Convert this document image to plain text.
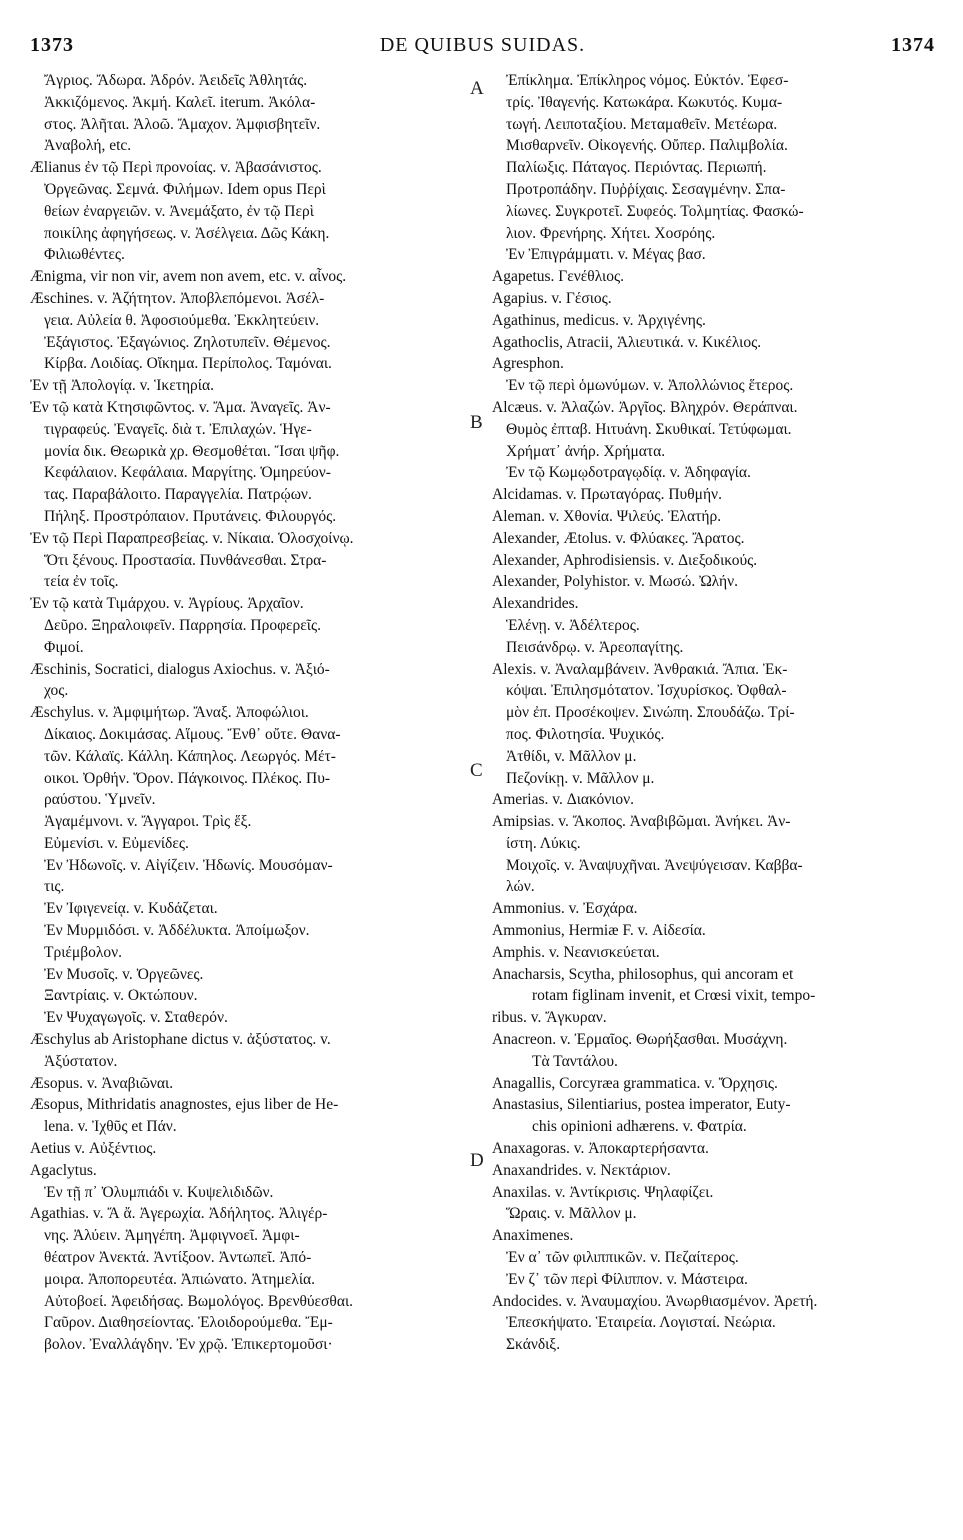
1373	DE QUIBUS SUIDAS.	1374
Ἄγριος. Ἄδωρα. Ἀδρόν. Ἀειδεῖς Ἀθλητάς.
Ἀκκιζόμενος. Ἀκμή. Καλεῖ. iterum. Ἀκόλα-
στος. Ἀλῆται. Ἀλοῶ. Ἄμαχον. Ἀμφισβητεῖν.
Ἀναβολή, etc.
Ælianus ἐν τῷ Περὶ προνοίας. v. Ἀβασάνιστος.
Ὀργεῶνας. Σεμνά. Φιλήμων. Idem opus Περὶ
θείων ἐναργειῶν. v. Ἀνεμάξατο, ἐν τῷ Περὶ
ποικίλης ἀφηγήσεως. v. Ἀσέλγεια. Δῶς Κάκη.
Φιλιωθέντες.
Ænigma, vir non vir, avem non avem, etc. v. αἶνος.
Æschines. v. Ἀζήτητον. Ἀποβλεπόμενοι. Ἀσέλ-
γεια. Αὐλεία θ. Ἀφοσιούμεθα. Ἐκκλητεύειν.
Ἐξάγιστος. Ἐξαγώνιος. Ζηλοτυπεῖν. Θέμενος.
Κίρβα. Λοιδίας. Οἴκημα. Περίπολος. Ταμόναι.
Ἐν τῇ Ἀπολογίᾳ. v. Ἱκετηρία.
Ἐν τῷ κατὰ Κτησιφῶντος. v. Ἄμα. Ἀναγεῖς. Ἀν-
τιγραφεύς. Ἐναγεῖς. διὰ τ. Ἐπιλαχών. Ἡγε-
μονία δικ. Θεωρικὰ χρ. Θεσμοθέται. Ἴσαι ψῆφ.
Κεφάλαιον. Κεφάλαια. Μαργίτης. Ὁμηρεύον-
τας. Παραβάλοιτο. Παραγγελία. Πατρῴων.
Πήληξ. Προστρόπαιον. Πρυτάνεις. Φιλουργός.
Ἐν τῷ Περὶ Παραπρεσβείας. v. Νίκαια. Ὁλοσχοίνῳ.
Ὅτι ξένους. Προστασία. Πυνθάνεσθαι. Στρα-
τεία ἐν τοῖς.
Ἐν τῷ κατὰ Τιμάρχου. v. Ἀγρίους. Ἀρχαῖον.
Δεῦρο. Ξηραλοιφεῖν. Παρρησία. Προφερεῖς.
Φιμοί.
Æschinis, Socratici, dialogus Axiochus. v. Ἀξιό-
χος.
Æschylus. v. Ἀμφιμήτωρ. Ἄναξ. Ἀποφώλιοι.
Δίκαιος. Δοκιμάσας. Αἵμους. Ἔνθ᾽ οὔτε. Θανα-
τῶν. Κάλαϊς. Κάλλη. Κάπηλος. Λεωργός. Μέτ-
οικοι. Ὀρθήν. Ὅρον. Πάγκοινος. Πλέκος. Πυ-
ραύστου. Ὑμνεῖν.
Ἀγαμέμνονι. v. Ἄγγαροι. Τρὶς ἕξ.
Εὐμενίσι. v. Εὐμενίδες.
Ἐν Ἠδωνοῖς. v. Αἰγίζειν. Ἠδωνίς. Μουσόμαν-
τις.
Ἐν Ἰφιγενείᾳ. v. Κυδάζεται.
Ἐν Μυρμιδόσι. v. Ἀδδέλυκτα. Ἀποίμωξον.
Τριέμβολον.
Ἐν Μυσοῖς. v. Ὀργεῶνες.
Ξαντρίαις. v. Οκτώπουν.
Ἐν Ψυχαγωγοῖς. v. Σταθερόν.
Æschylus ab Aristophane dictus v. ἀξύστατος. v.
Ἀξύστατον.
Æsopus. v. Ἀναβιῶναι.
Æsopus, Mithridatis anagnostes, ejus liber de He-
lena. v. Ἰχθῦς et Πάν.
Aetius v. Αὐξέντιος.
Agaclytus.
Ἐν τῇ π᾽ Ὀλυμπιάδι v. Κυψελιδιδῶν.
Agathias. v. Ἄ ἄ. Ἀγερωχία. Ἀδήλητος. Ἀλιγέρ-
νης. Ἀλύειν. Ἀμηγέπη. Ἀμφιγνοεῖ. Ἀμφι-
θέατρον Ἀνεκτά. Ἀντίξοον. Ἀντωπεῖ. Ἀπό-
μοιρα. Ἀποπορευτέα. Ἀπιώνατο. Ἀτημελία.
Αὐτοβοεί. Ἀφειδήσας. Βωμολόγος. Βρενθύεσθαι.
Γαῦρον. Διαθησείοντας. Ἐλοιδορούμεθα. Ἔμ-
βολον. Ἐναλλάγδην. Ἐν χρῷ. Ἐπικερτομοῦσι·
Ἐπίκλημα. Ἐπίκληρος νόμος. Εὐκτόν. Ἐφεσ-
τρίς. Ἰθαγενής. Κατωκάρα. Κωκυτός. Κυμα-
τωγή. Λειποταξίου. Μεταμαθεῖν. Μετέωρα.
Μισθαρνεῖν. Οἰκογενής. Οὔπερ. Παλιμβολία.
Παλίωξις. Πάταγος. Περιόντας. Περιωπή.
Προτροπάδην. Πυῤῥίχαις. Σεσαγμένην. Σπα-
λίωνες. Συγκροτεῖ. Συφεός. Τολμητίας. Φασκώ-
λιον. Φρενήρης. Χήτει. Χοσρόης.
Ἐν Ἐπιγράμματι. v. Μέγας βασ.
Agapetus. Γενέθλιος.
Agapius. v. Γέσιος.
Agathinus, medicus. v. Ἀρχιγένης.
Agathoclis, Atracii, Ἁλιευτικά. v. Κικέλιος.
Agresphon.
Ἐν τῷ περὶ ὁμωνύμων. v. Ἀπολλώνιος ἕτερος.
Alcæus. v. Ἀλαζών. Ἀργῖος. Βληχρόν. Θεράπναι.
Θυμὸς ἐπταβ. Ηιτυάνη. Σκυθικαί. Τετύφωμαι.
Χρήματ᾽ ἀνήρ. Χρήματα.
Ἐν τῷ Κωμῳδοτραγῳδίᾳ. v. Ἀδηφαγία.
Alcidamas. v. Πρωταγόρας. Πυθμήν.
Aleman. v. Χθονία. Ψιλεύς. Ἐλατήρ.
Alexander, Ætolus. v. Φλύακες. Ἄρατος.
Alexander, Aphrodisiensis. v. Διεξοδικούς.
Alexander, Polyhistor. v. Μωσώ. Ὠλήν.
Alexandrides.
Ἑλένῃ. v. Ἀδέλτερος.
Πεισάνδρῳ. v. Ἀρεοπαγίτης.
Alexis. v. Ἀναλαμβάνειν. Ἀνθρακιά. Ἄπια. Ἐκ-
κόψαι. Ἐπιλησμότατον. Ἰσχυρίσκος. Ὀφθαλ-
μὸν ἐπ. Προσέκοψεν. Σινώπη. Σπουδάζω. Τρί-
πος. Φιλοτησία. Ψυχικός.
Ἀτθίδι, v. Μᾶλλον μ.
Πεζονίκῃ. v. Μᾶλλον μ.
Amerias. v. Διακόνιον.
Amipsias. v. Ἄκοπος. Ἀναβιβῶμαι. Ἀνήκει. Ἀν-
ίστη. Λύκις.
Μοιχοῖς. v. Ἀναψυχῆναι. Ἀνεψύγεισαν. Καββα-
λών.
Ammonius. v. Ἐσχάρα.
Ammonius, Hermiæ F. v. Αἰδεσία.
Amphis. v. Νεανισκεύεται.
Anacharsis, Scytha, philosophus, qui ancoram et
rotam figlinam invenit, et Crœsi vixit, tempo-
ribus. v. Ἄγκυραν.
Anacreon. v. Ἐρμαῖος. Θωρήξασθαι. Μυσάχνη.
Τὰ Ταντάλου.
Anagallis, Corcyræa grammatica. v. Ὄρχησις.
Anastasius, Silentiarius, postea imperator, Euty-
chis opinioni adhærens. v. Φατρία.
Anaxagoras. v. Ἀποκαρτερήσαντα.
Anaxandrides. v. Νεκτάριον.
Anaxilas. v. Ἀντίκρισις. Ψηλαφίζει.
Ὥραις. v. Μᾶλλον μ.
Anaximenes.
Ἐν α᾽ τῶν φιλιππικῶν. v. Πεζαίτερος.
Ἐν ζ᾽ τῶν περὶ Φίλιππον. v. Μάστειρα.
Andocides. v. Ἀναυμαχίου. Ἀνωρθιασμένον. Ἀρετή.
Ἐπεσκήψατο. Ἑταιρεία. Λογισταί. Νεώρια.
Σκάνδιξ.
A
B
C
D
